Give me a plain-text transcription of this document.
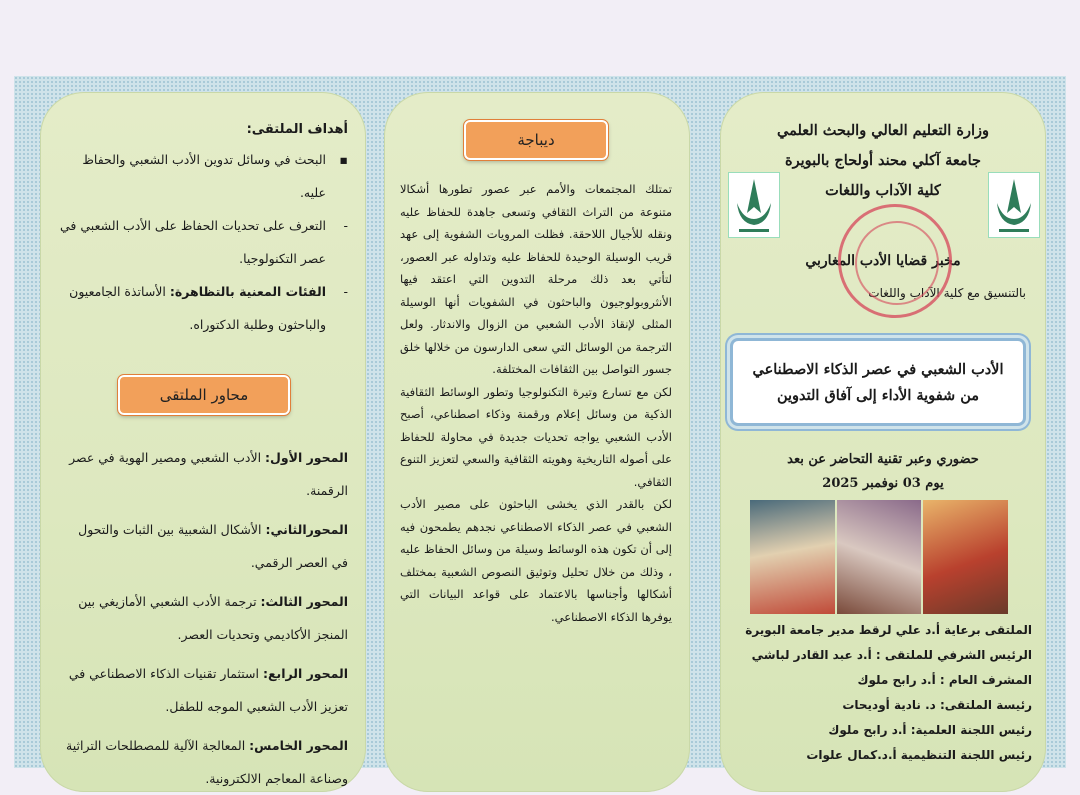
أهداف الملتقى:
▪
البحث في وسائل تدوين الأدب الشعبي والحفاظ عليه.
-
التعرف على تحديات الحفاظ على الأدب الشعبي في عصر التكنولوجيا.
-
الفئات المعنية بالتظاهرة: الأساتذة الجامعيون والباحثون وطلبة الدكتوراه.
محاور الملتقى
المحور الأول: الأدب الشعبي ومصير الهوية في عصر الرقمنة.
المحورالثاني: الأشكال الشعبية بين الثبات والتحول في العصر الرقمي.
المحور الثالث: ترجمة الأدب الشعبي الأمازيغي بين المنجز الأكاديمي وتحديات العصر.
المحور الرابع: استثمار تقنيات الذكاء الاصطناعي في تعزيز الأدب الشعبي الموجه للطفل.
المحور الخامس: المعالجة الآلية للمصطلحات التراثية وصناعة المعاجم الالكترونية.
ديباجة

تمتلك المجتمعات والأمم عبر عصور تطورها أشكالا متنوعة من التراث الثقافي وتسعى جاهدة للحفاظ عليه ونقله للأجيال اللاحقة. فظلت المرويات الشفوية إلى عهد قريب الوسيلة الوحيدة للحفاظ عليه وتداوله عبر العصور، لتأتي بعد ذلك مرحلة التدوين التي اعتقد فيها الأنثروبولوجيون والباحثون في الشفويات أنها الوسيلة المثلى لإنقاذ الأدب الشعبي من الزوال والاندثار. ولعل الترجمة من الوسائل التي سعى الدارسون من خلالها خلق جسور التواصل بين الثقافات المختلفة.

لكن مع تسارع وتيرة التكنولوجيا وتطور الوسائط الثقافية الذكية من وسائل إعلام ورقمنة وذكاء اصطناعي، أصبح الأدب الشعبي يواجه تحديات جديدة في محاولة للحفاظ على أصوله التاريخية وهويته الثقافية والسعي لتعزيز التنوع الثقافي.

لكن بالقدر الذي يخشى الباحثون على مصير الأدب الشعبي في عصر الذكاء الاصطناعي نجدهم يطمحون فيه إلى أن تكون هذه الوسائط وسيلة من وسائل الحفاظ عليه ، وذلك من خلال تحليل وتوثيق النصوص الشعبية بمختلف أشكالها وأجناسها بالاعتماد على قواعد البيانات التي يوفرها الذكاء الاصطناعي.

وزارة التعليم العالي والبحث العلمي
جامعة آكلي محند أولحاج بالبويرة
كلية الآداب واللغات
مخبر قضايا الأدب المغاربي
بالتنسيق مع كلية الآداب واللغات
الأدب الشعبي في عصر الذكاء الاصطناعي
من شفوية الأداء إلى آفاق التدوين
حضوري وعبر تقنية التحاضر عن بعد
يوم 03 نوفمبر 2025
الملتقى برعاية أ.د علي لرقط مدير جامعة البويرة
الرئيس الشرفي للملتقى : أ.د عبد القادر لباشي
المشرف العام : أ.د رابح ملوك
رئيسة الملتقى: د. نادية أوديحات
رئيس اللجنة العلمية: أ.د رابح ملوك
رئيس اللجنة التنظيمية أ.د.كمال علوات
